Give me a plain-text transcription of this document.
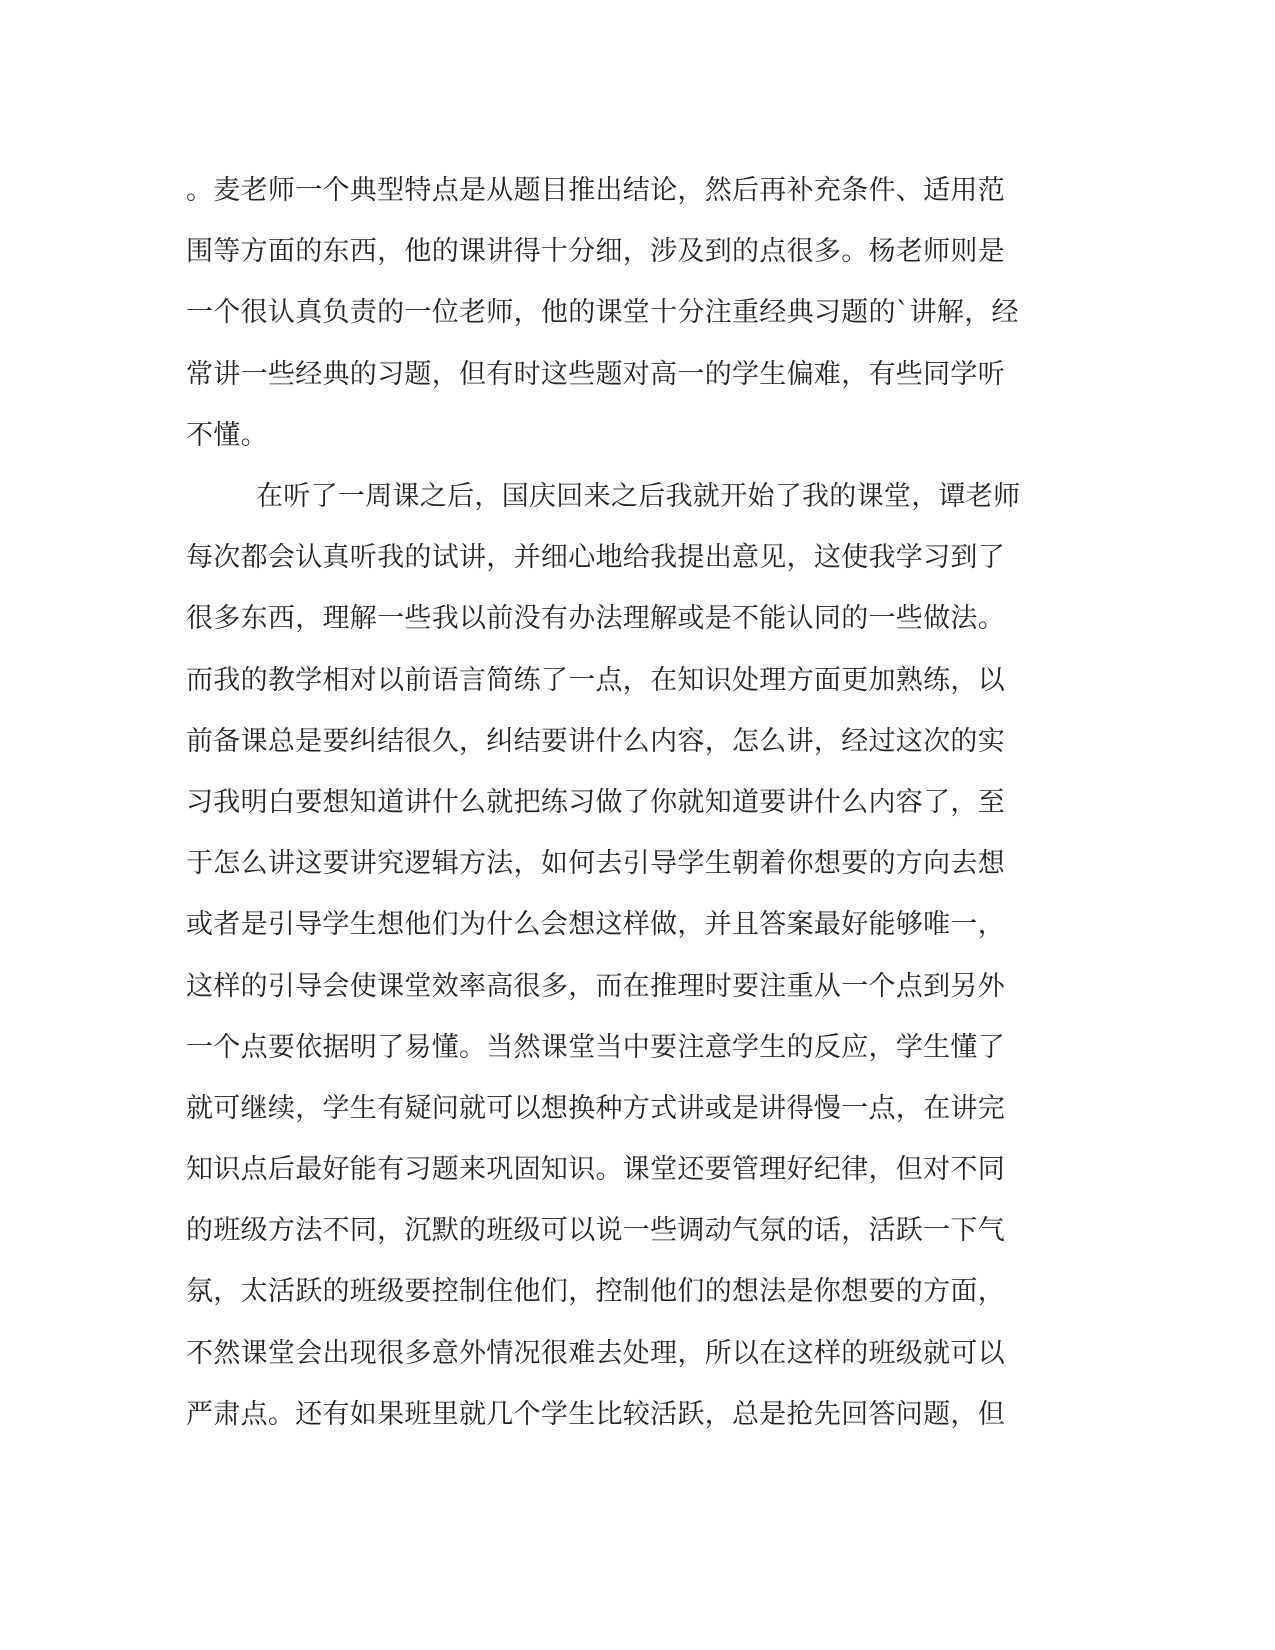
。麦老师一个典型特点是从题目推出结论，然后再补充条件、适用范
围等方面的东西，他的课讲得十分细，涉及到的点很多。杨老师则是
一个很认真负责的一位老师，他的课堂十分注重经典习题的`讲解，经
常讲一些经典的习题，但有时这些题对高一的学生偏难，有些同学听
不懂。
在听了一周课之后，国庆回来之后我就开始了我的课堂，谭老师
每次都会认真听我的试讲，并细心地给我提出意见，这使我学习到了
很多东西，理解一些我以前没有办法理解或是不能认同的一些做法。
而我的教学相对以前语言简练了一点，在知识处理方面更加熟练，以
前备课总是要纠结很久，纠结要讲什么内容，怎么讲，经过这次的实
习我明白要想知道讲什么就把练习做了你就知道要讲什么内容了，至
于怎么讲这要讲究逻辑方法，如何去引导学生朝着你想要的方向去想
或者是引导学生想他们为什么会想这样做，并且答案最好能够唯一，
这样的引导会使课堂效率高很多，而在推理时要注重从一个点到另外
一个点要依据明了易懂。当然课堂当中要注意学生的反应，学生懂了
就可继续，学生有疑问就可以想换种方式讲或是讲得慢一点，在讲完
知识点后最好能有习题来巩固知识。课堂还要管理好纪律，但对不同
的班级方法不同，沉默的班级可以说一些调动气氛的话，活跃一下气
氛，太活跃的班级要控制住他们，控制他们的想法是你想要的方面，
不然课堂会出现很多意外情况很难去处理，所以在这样的班级就可以
严肃点。还有如果班里就几个学生比较活跃，总是抢先回答问题，但
